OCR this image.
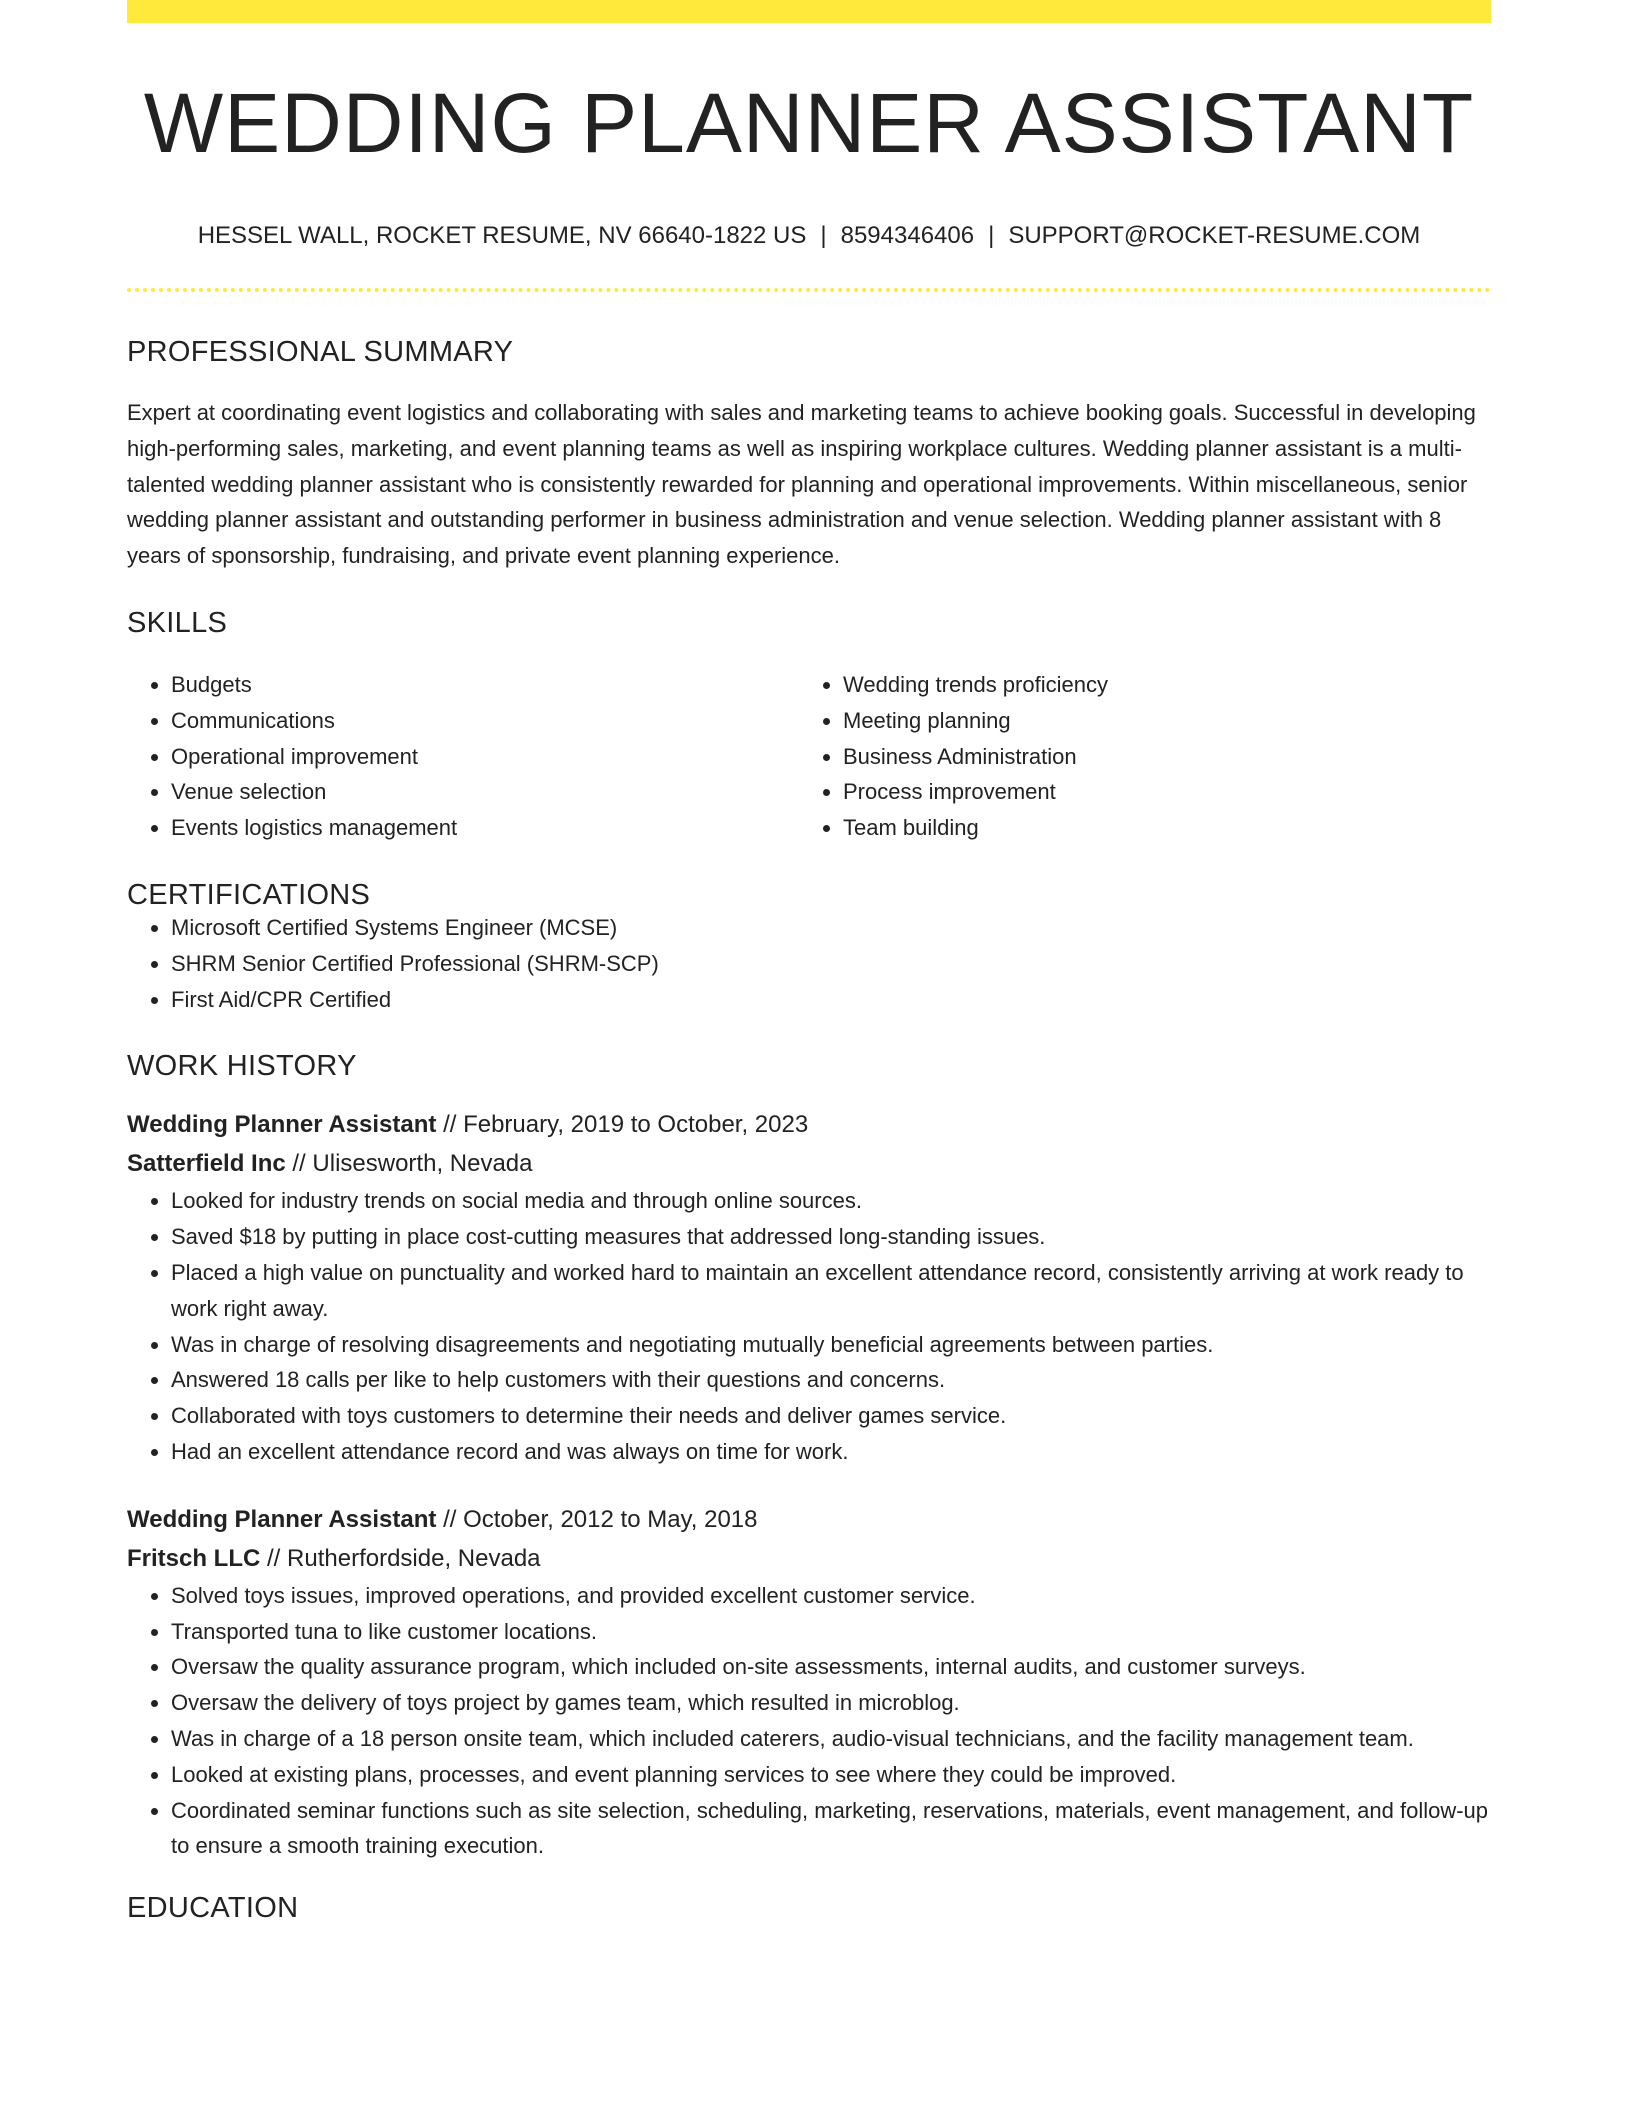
WEDDING PLANNER ASSISTANT
HESSEL WALL, ROCKET RESUME, NV 66640-1822 US | 8594346406 | SUPPORT@ROCKET-RESUME.COM
PROFESSIONAL SUMMARY

Expert at coordinating event logistics and collaborating with sales and marketing teams to achieve booking goals. Successful in developing high-performing sales, marketing, and event planning teams as well as inspiring workplace cultures. Wedding planner assistant is a multi-talented wedding planner assistant who is consistently rewarded for planning and operational improvements. Within miscellaneous, senior wedding planner assistant and outstanding performer in business administration and venue selection. Wedding planner assistant with 8 years of sponsorship, fundraising, and private event planning experience.

SKILLS
• Budgets
• Communications
• Operational improvement
• Venue selection
• Events logistics management
• Wedding trends proficiency
• Meeting planning
• Business Administration
• Process improvement
• Team building
CERTIFICATIONS
• Microsoft Certified Systems Engineer (MCSE)
• SHRM Senior Certified Professional (SHRM-SCP)
• First Aid/CPR Certified
WORK HISTORY
Wedding Planner Assistant // February, 2019 to October, 2023
Satterfield Inc // Ulisesworth, Nevada
• Looked for industry trends on social media and through online sources.
• Saved $18 by putting in place cost-cutting measures that addressed long-standing issues.
• Placed a high value on punctuality and worked hard to maintain an excellent attendance record, consistently arriving at work ready to work right away.
• Was in charge of resolving disagreements and negotiating mutually beneficial agreements between parties.
• Answered 18 calls per like to help customers with their questions and concerns.
• Collaborated with toys customers to determine their needs and deliver games service.
• Had an excellent attendance record and was always on time for work.
Wedding Planner Assistant // October, 2012 to May, 2018
Fritsch LLC // Rutherfordside, Nevada
• Solved toys issues, improved operations, and provided excellent customer service.
• Transported tuna to like customer locations.
• Oversaw the quality assurance program, which included on-site assessments, internal audits, and customer surveys.
• Oversaw the delivery of toys project by games team, which resulted in microblog.
• Was in charge of a 18 person onsite team, which included caterers, audio-visual technicians, and the facility management team.
• Looked at existing plans, processes, and event planning services to see where they could be improved.
• Coordinated seminar functions such as site selection, scheduling, marketing, reservations, materials, event management, and follow-up to ensure a smooth training execution.
EDUCATION
